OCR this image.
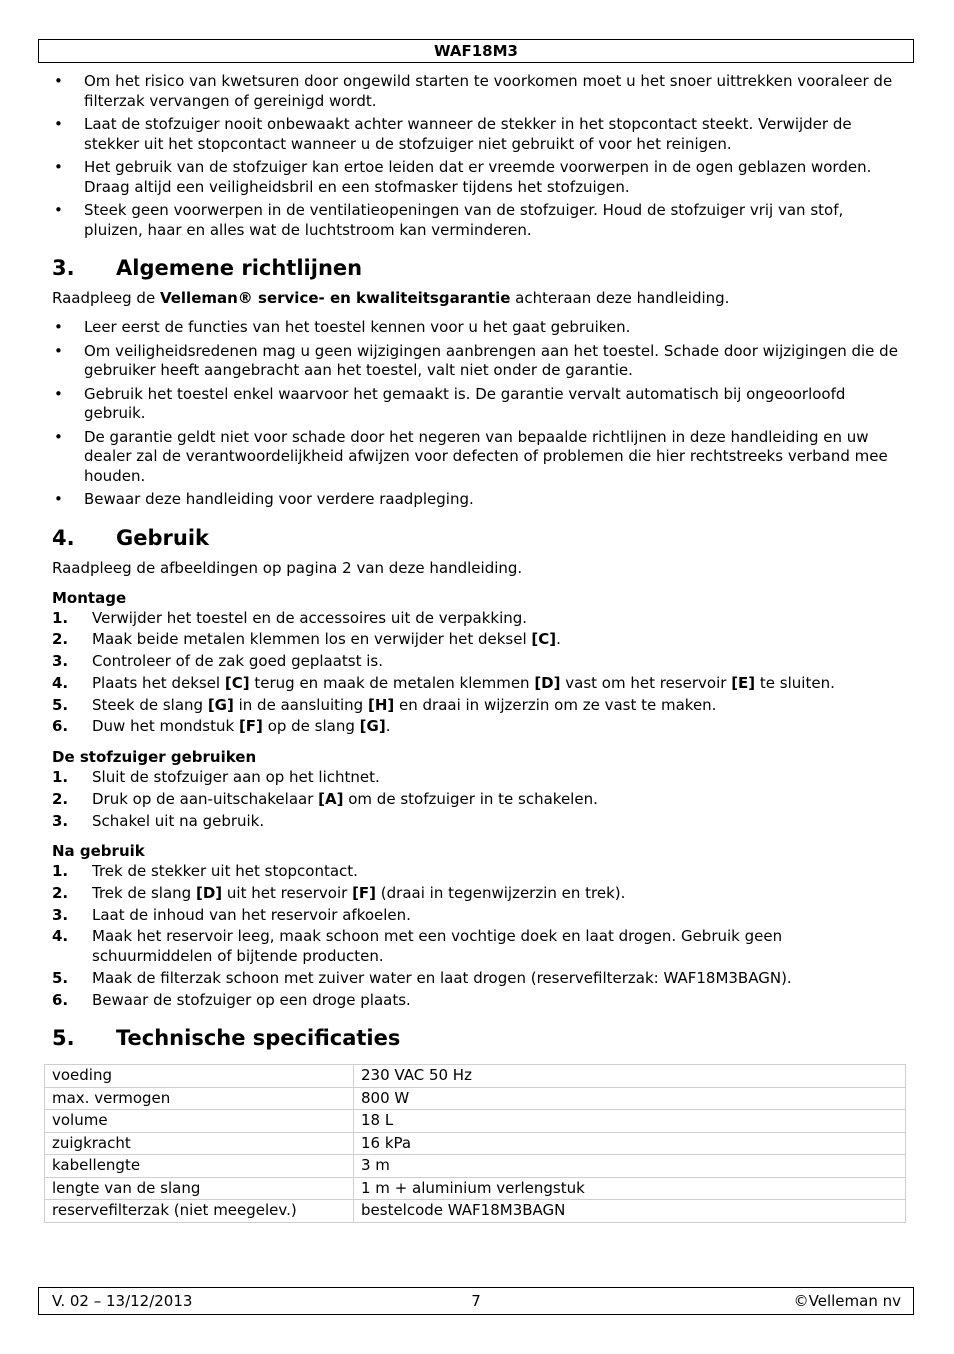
WAF18M3
• Om het risico van kwetsuren door ongewild starten te voorkomen moet u het snoer uittrekken vooraleer de filterzak vervangen of gereinigd wordt.
• Laat de stofzuiger nooit onbewaakt achter wanneer de stekker in het stopcontact steekt. Verwijder de stekker uit het stopcontact wanneer u de stofzuiger niet gebruikt of voor het reinigen.
• Het gebruik van de stofzuiger kan ertoe leiden dat er vreemde voorwerpen in de ogen geblazen worden. Draag altijd een veiligheidsbril en een stofmasker tijdens het stofzuigen.
• Steek geen voorwerpen in de ventilatieopeningen van de stofzuiger. Houd de stofzuiger vrij van stof, pluizen, haar en alles wat de luchtstroom kan verminderen.
3. Algemene richtlijnen

Raadpleeg de Velleman® service- en kwaliteitsgarantie achteraan deze handleiding.

• Leer eerst de functies van het toestel kennen voor u het gaat gebruiken.
• Om veiligheidsredenen mag u geen wijzigingen aanbrengen aan het toestel. Schade door wijzigingen die de gebruiker heeft aangebracht aan het toestel, valt niet onder de garantie.
• Gebruik het toestel enkel waarvoor het gemaakt is. De garantie vervalt automatisch bij ongeoorloofd gebruik.
• De garantie geldt niet voor schade door het negeren van bepaalde richtlijnen in deze handleiding en uw dealer zal de verantwoordelijkheid afwijzen voor defecten of problemen die hier rechtstreeks verband mee houden.
• Bewaar deze handleiding voor verdere raadpleging.
4. Gebruik

Raadpleeg de afbeeldingen op pagina 2 van deze handleiding.

Montage
1. Verwijder het toestel en de accessoires uit de verpakking.
2. Maak beide metalen klemmen los en verwijder het deksel [C].
3. Controleer of de zak goed geplaatst is.
4. Plaats het deksel [C] terug en maak de metalen klemmen [D] vast om het reservoir [E] te sluiten.
5. Steek de slang [G] in de aansluiting [H] en draai in wijzerzin om ze vast te maken.
6. Duw het mondstuk [F] op de slang [G].
De stofzuiger gebruiken
1. Sluit de stofzuiger aan op het lichtnet.
2. Druk op de aan-uitschakelaar [A] om de stofzuiger in te schakelen.
3. Schakel uit na gebruik.
Na gebruik
1. Trek de stekker uit het stopcontact.
2. Trek de slang [D] uit het reservoir [F] (draai in tegenwijzerzin en trek).
3. Laat de inhoud van het reservoir afkoelen.
4. Maak het reservoir leeg, maak schoon met een vochtige doek en laat drogen. Gebruik geen schuurmiddelen of bijtende producten.
5. Maak de filterzak schoon met zuiver water en laat drogen (reservefilterzak: WAF18M3BAGN).
6. Bewaar de stofzuiger op een droge plaats.
5. Technische specificaties
voeding	230 VAC 50 Hz
max. vermogen	800 W
volume	18 L
zuigkracht	16 kPa
kabellengte	3 m
lengte van de slang	1 m + aluminium verlengstuk
reservefilterzak (niet meegelev.)	bestelcode WAF18M3BAGN
V. 02 – 13/12/2013	7	©Velleman nv
